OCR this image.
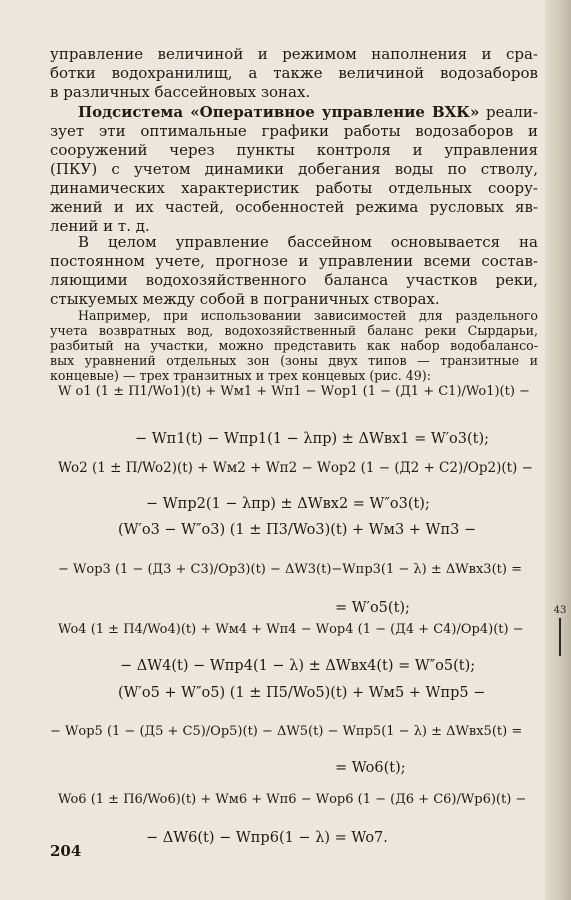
43

управление величиной и режимом наполнения и сра-
ботки водохранилищ, а также величиной водозаборов
в различных бассейновых зонах.

Подсистема «Оперативное управление ВХК» реали-
зует эти оптимальные графики работы водозаборов и
сооружений через пункты контроля и управления
(ПКУ) с учетом динамики добегания воды по стволу,
динамических характеристик работы отдельных соору-
жений и их частей, особенностей режима русловых яв-
лений и т. д.

В целом управление бассейном основывается на
постоянном учете, прогнозе и управлении всеми состав-
ляющими водохозяйственного баланса участков реки,
стыкуемых между собой в пограничных створах.

Например, при использовании зависимостей для раздельного
учета возвратных вод, водохозяйственный баланс реки Сырдарьи,
разбитый на участки, можно представить как набор водобалансо-
вых уравнений отдельных зон (зоны двух типов — транзитные и
концевые) — трех транзитных и трех концевых (рис. 49):

W o1 (1 ± П1/Wo1)(t) + Wм1 + Wп1 − Wор1 (1 − (Д1 + С1)/Wo1)(t) −
− Wп1(t) − Wпр1(1 − λпр) ± ΔWвх1 = W′o3(t);
Wo2 (1 ± П/Wo2)(t) + Wм2 + Wп2 − Wор2 (1 − (Д2 + С2)/Oр2)(t) −
− Wпр2(1 − λпр) ± ΔWвх2 = W″o3(t);
(W′o3 − W″o3) (1 ± П3/Wo3)(t) + Wм3 + Wп3 −
− Wор3 (1 − (Д3 + С3)/Oр3)(t) − ΔW3(t)−Wпр3(1 − λ) ± ΔWвх3(t) =
= W′o5(t);
Wo4 (1 ± П4/Wo4)(t) + Wм4 + Wп4 − Wор4 (1 − (Д4 + С4)/Oр4)(t) −
− ΔW4(t) − Wпр4(1 − λ) ± ΔWвх4(t) = W″o5(t);
(W′o5 + W″o5) (1 ± П5/Wo5)(t) + Wм5 + Wпр5 −
− Wор5 (1 − (Д5 + С5)/Oр5)(t) − ΔW5(t) − Wпр5(1 − λ) ± ΔWвх5(t) =
= Wo6(t);
Wo6 (1 ± П6/Wo6)(t) + Wм6 + Wп6 − Wор6 (1 − (Д6 + С6)/Wр6)(t) −
− ΔW6(t) − Wпр6(1 − λ) = Wo7.
204
